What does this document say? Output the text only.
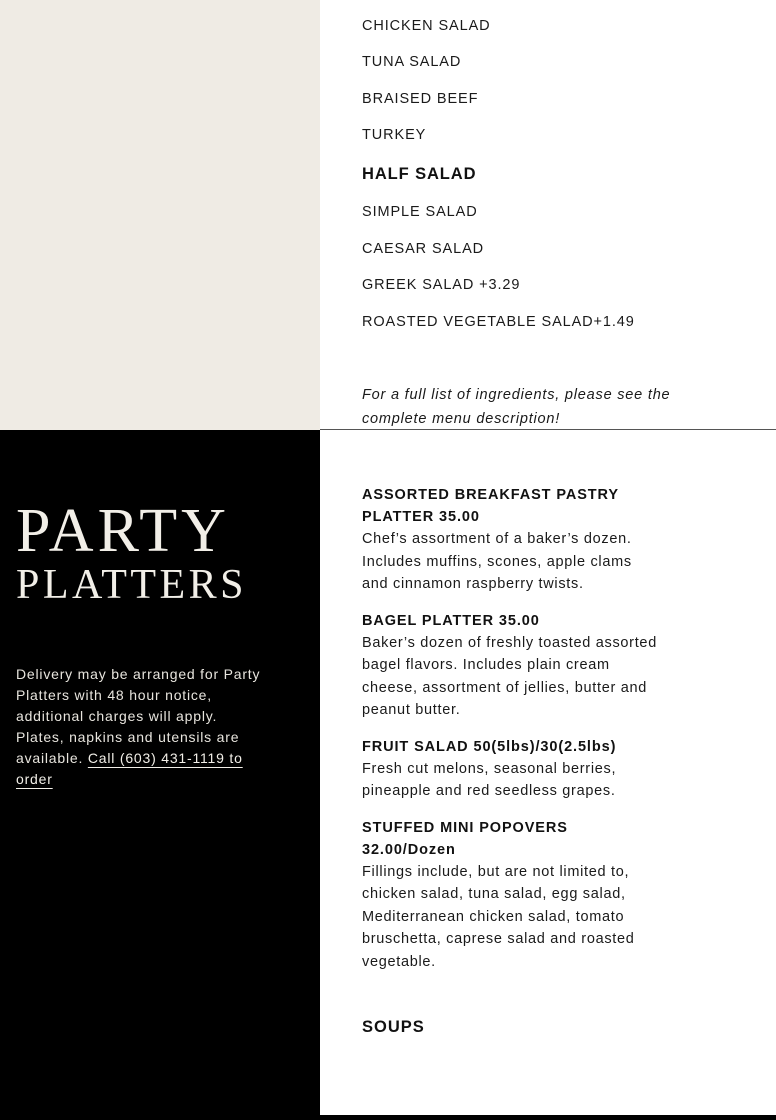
CHICKEN SALAD
TUNA SALAD
BRAISED BEEF
TURKEY
HALF SALAD
SIMPLE SALAD
CAESAR SALAD
GREEK SALAD +3.29
ROASTED VEGETABLE SALAD+1.49
For a full list of ingredients, please see the complete menu description!
PARTY
PLATTERS
Delivery may be arranged for Party Platters with 48 hour notice, additional charges will apply. Plates, napkins and utensils are available. Call (603) 431-1119 to order
ASSORTED BREAKFAST PASTRY PLATTER 35.00
Chef’s assortment of a baker’s dozen. Includes muffins, scones, apple clams and cinnamon raspberry twists.
BAGEL PLATTER 35.00
Baker’s dozen of freshly toasted assorted bagel flavors. Includes plain cream cheese, assortment of jellies, butter and peanut butter.
FRUIT SALAD 50(5lbs)/30(2.5lbs)
Fresh cut melons, seasonal berries, pineapple and red seedless grapes.
STUFFED MINI POPOVERS 32.00/Dozen
Fillings include, but are not limited to, chicken salad, tuna salad, egg salad, Mediterranean chicken salad, tomato bruschetta, caprese salad and roasted vegetable.
SOUPS
